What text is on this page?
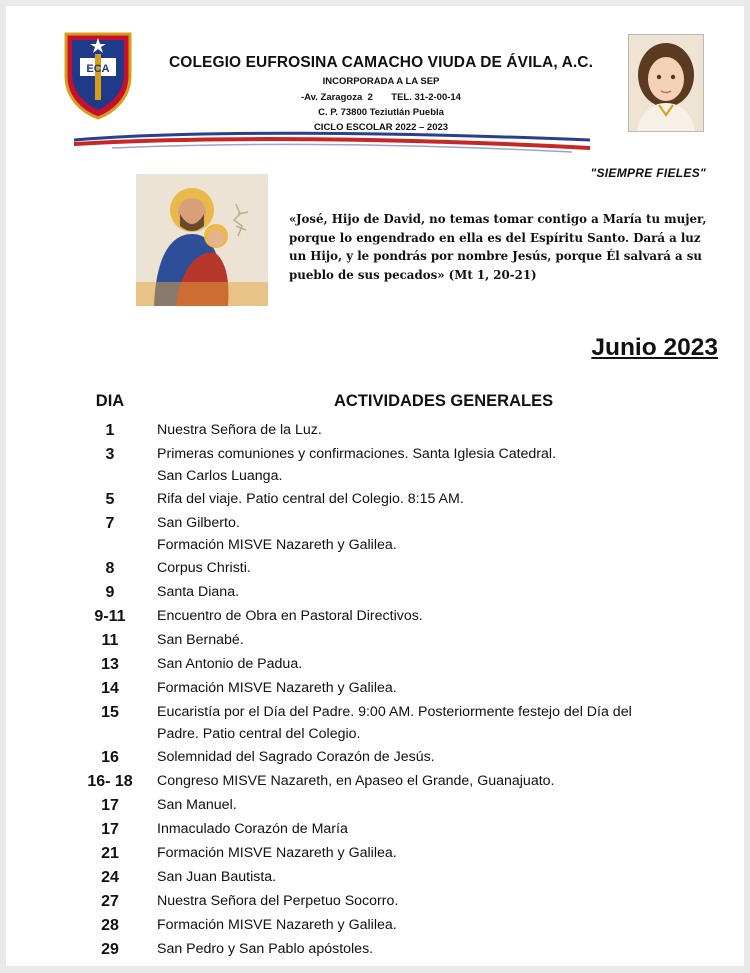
ECA	COLEGIO EUFROSINA CAMACHO VIUDA DE ÁVILA, A.C.
INCORPORADA A LA SEP
-Av. Zaragoza  2       TEL. 31-2-00-14
C. P. 73800 Teziutlán Puebla
CICLO ESCOLAR 2022 – 2023
"SIEMPRE FIELES"
«José, Hijo de David, no temas tomar contigo a María tu mujer, porque lo engendrado en ella es del Espíritu Santo. Dará a luz un Hijo, y le pondrás por nombre Jesús, porque Él salvará a su pueblo de sus pecados» (Mt 1, 20-21)
Junio 2023
DIA	ACTIVIDADES GENERALES
1	Nuestra Señora de la Luz.
3	Primeras comuniones y confirmaciones. Santa Iglesia Catedral.
San Carlos Luanga.
5	Rifa del viaje. Patio central del Colegio. 8:15 AM.
7	San Gilberto.
Formación MISVE Nazareth y Galilea.
8	Corpus Christi.
9	Santa Diana.
9-11	Encuentro de Obra en Pastoral Directivos.
11	San Bernabé.
13	San Antonio de Padua.
14	Formación MISVE Nazareth y Galilea.
15	Eucaristía por el Día del Padre. 9:00 AM. Posteriormente festejo del Día del
Padre. Patio central del Colegio.
16	Solemnidad del Sagrado Corazón de Jesús.
16- 18	Congreso MISVE Nazareth, en Apaseo el Grande, Guanajuato.
17	San Manuel.
17	Inmaculado Corazón de María
21	Formación MISVE Nazareth y Galilea.
24	San Juan Bautista.
27	Nuestra Señora del Perpetuo Socorro.
28	Formación MISVE Nazareth y Galilea.
29	San Pedro y San Pablo apóstoles.
